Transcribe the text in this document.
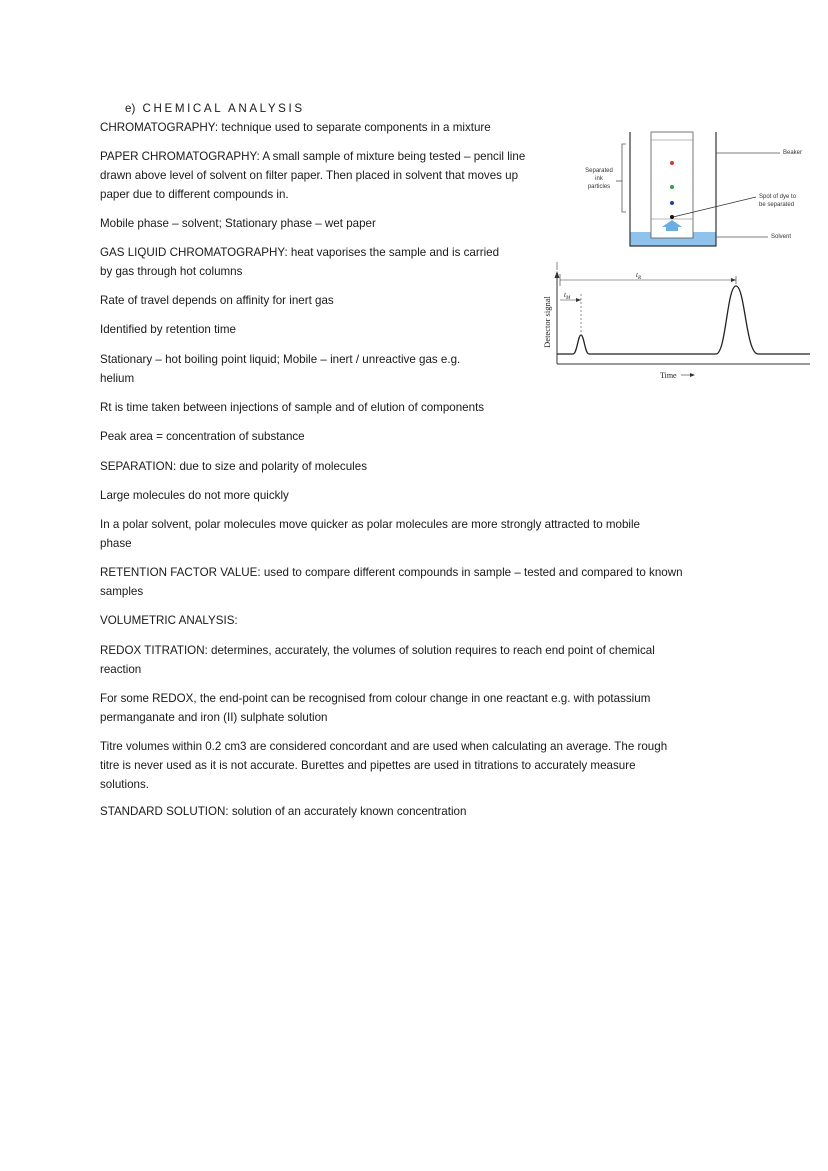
e) CHEMICAL ANALYSIS

CHROMATOGRAPHY: technique used to separate components in a mixture

PAPER CHROMATOGRAPHY: A small sample of mixture being tested – pencil line

drawn above level of solvent on filter paper. Then placed in solvent that moves up

paper due to different compounds in.

Mobile phase – solvent; Stationary phase – wet paper

GAS LIQUID CHROMATOGRAPHY: heat vaporises the sample and is carried

by gas through hot columns

Rate of travel depends on affinity for inert gas

Identified by retention time

Stationary – hot boiling point liquid; Mobile – inert / unreactive gas e.g.

helium

Rt is time taken between injections of sample and of elution of components

Peak area = concentration of substance

SEPARATION: due to size and polarity of molecules

Large molecules do not more quickly

In a polar solvent, polar molecules move quicker as polar molecules are more strongly attracted to mobile

phase

RETENTION FACTOR VALUE: used to compare different compounds in sample – tested and compared to known

samples

VOLUMETRIC ANALYSIS:

REDOX TITRATION: determines, accurately, the volumes of solution requires to reach end point of chemical

reaction

For some REDOX, the end-point can be recognised from colour change in one reactant e.g. with potassium

permanganate and iron (II) sulphate solution

Titre volumes within 0.2 cm3 are considered concordant and are used when calculating an average. The rough

titre is never used as it is not accurate. Burettes and pipettes are used in titrations to accurately measure

solutions.

STANDARD SOLUTION: solution of an accurately known concentration

Separated
ink
particles
Beaker
Spot of dye to
be separated
Solvent
Detector signal
$t_R$
$t_M$
Time
